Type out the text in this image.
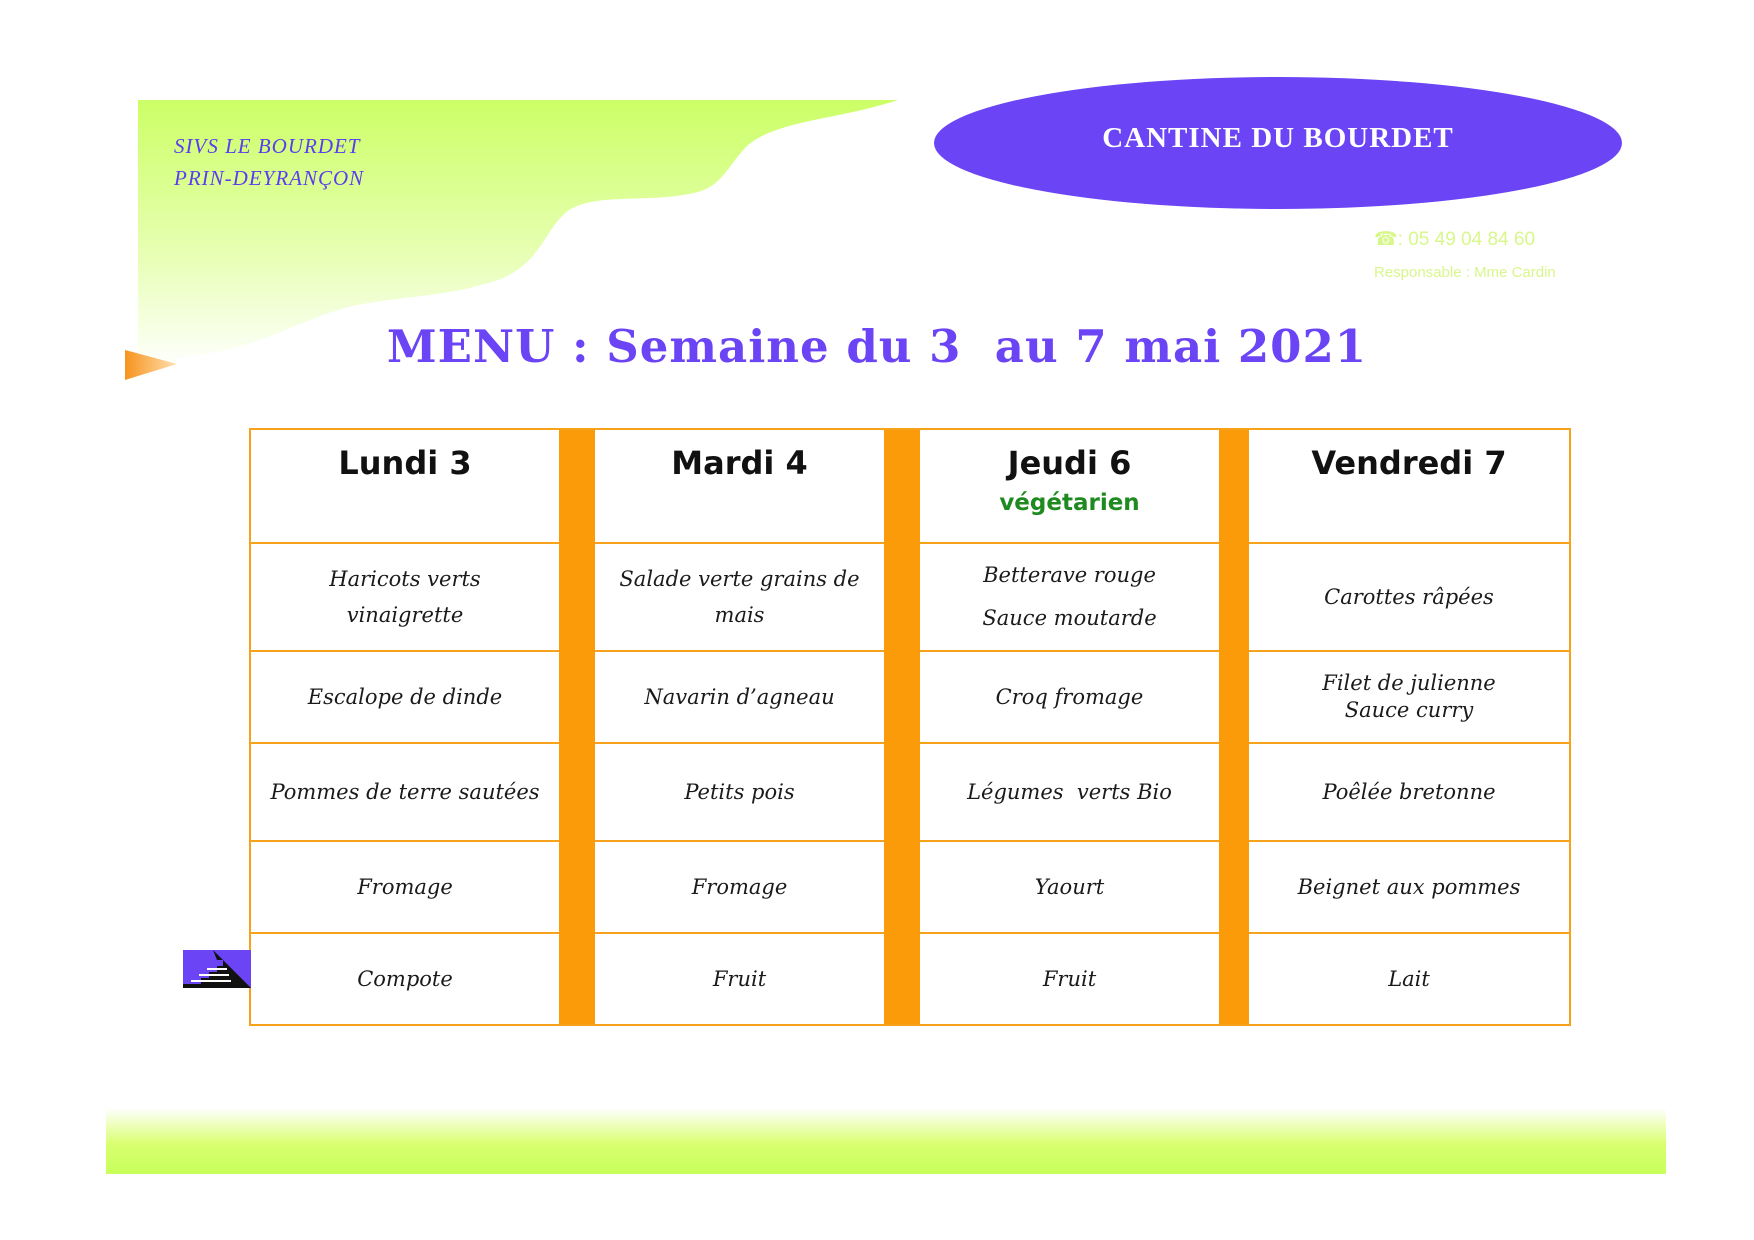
SIVS LE BOURDET
PRIN-DEYRANÇON
CANTINE DU BOURDET
☎: 05 49 04 84 60
Responsable : Mme Cardin
MENU : Semaine du 3  au 7 mai 2021
Lundi 3
Haricots verts vinaigrette
Escalope de dinde
Pommes de terre sautées
Fromage
Compote
Mardi 4
Salade verte grains de mais
Navarin d’agneau
Petits pois
Fromage
Fruit
Jeudi 6
végétarien
Betterave rouge
Sauce moutarde
Croq fromage
Légumes  verts Bio
Yaourt
Fruit
Vendredi 7
Carottes râpées
Filet de julienne
Sauce curry
Poêlée bretonne
Beignet aux pommes
Lait
